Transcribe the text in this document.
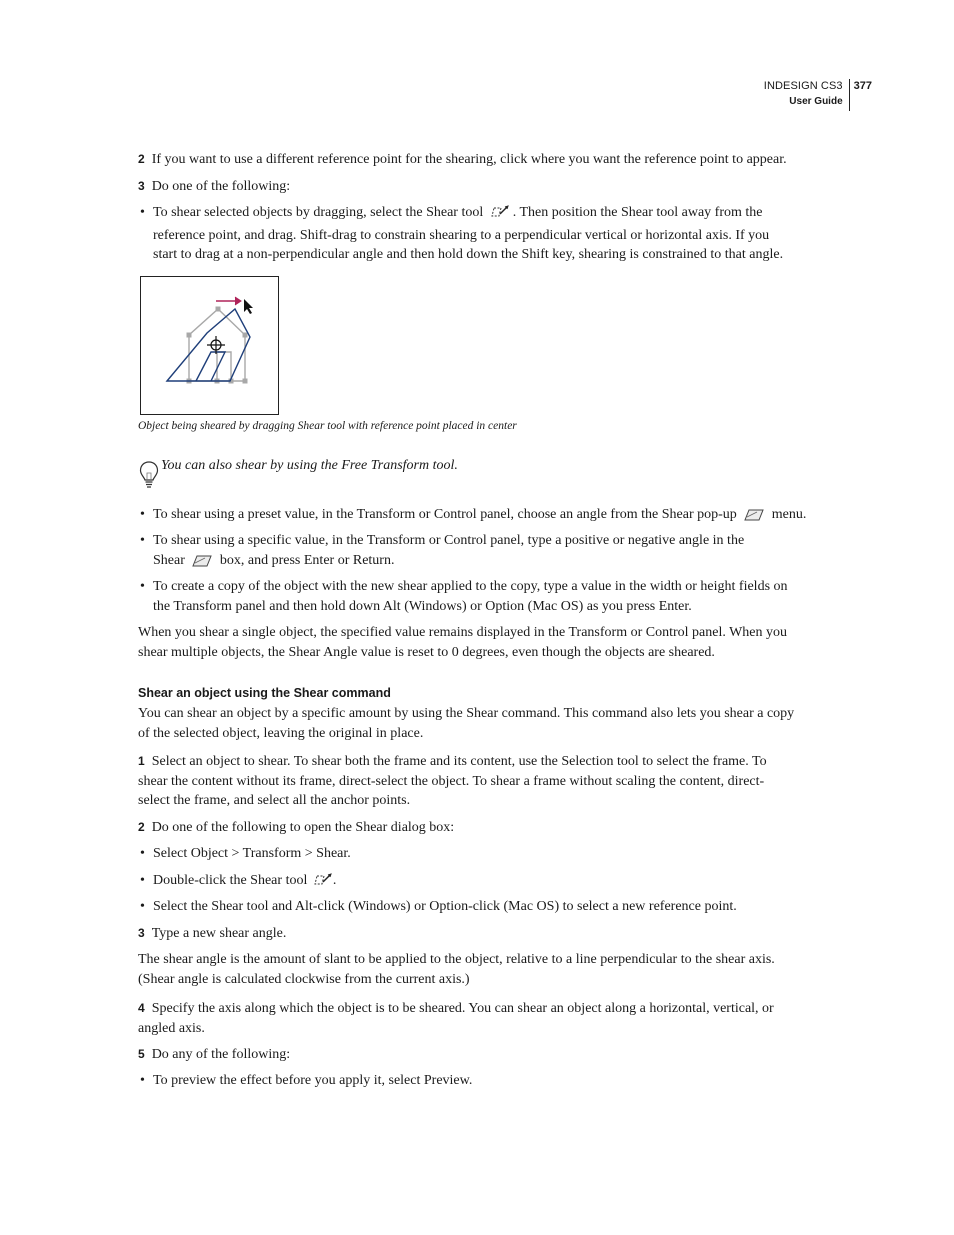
INDESIGN CS3
User Guide
377

2 If you want to use a different reference point for the shearing, click where you want the reference point to appear.

3 Do one of the following:

• To shear selected objects by dragging, select the Shear tool . Then position the Shear tool away from the
reference point, and drag. Shift-drag to constrain shearing to a perpendicular vertical or horizontal axis. If you
start to drag at a non-perpendicular angle and then hold down the Shift key, shearing is constrained to that angle.

Object being sheared by dragging Shear tool with reference point placed in center

You can also shear by using the Free Transform tool.

• To shear using a preset value, in the Transform or Control panel, choose an angle from the Shear pop-up	menu.
• To shear using a specific value, in the Transform or Control panel, type a positive or negative angle in the
Shear	box, and press Enter or Return.
• To create a copy of the object with the new shear applied to the copy, type a value in the width or height fields on
the Transform panel and then hold down Alt (Windows) or Option (Mac OS) as you press Enter.

When you shear a single object, the specified value remains displayed in the Transform or Control panel. When you

shear multiple objects, the Shear Angle value is reset to 0 degrees, even though the objects are sheared.

Shear an object using the Shear command

You can shear an object by a specific amount by using the Shear command. This command also lets you shear a copy

of the selected object, leaving the original in place.

1 Select an object to shear. To shear both the frame and its content, use the Selection tool to select the frame. To

shear the content without its frame, direct-select the object. To shear a frame without scaling the content, direct-

select the frame, and select all the anchor points.

2 Do one of the following to open the Shear dialog box:

• Select Object > Transform > Shear.
• Double-click the Shear tool .
• Select the Shear tool and Alt-click (Windows) or Option-click (Mac OS) to select a new reference point.

3 Type a new shear angle.

The shear angle is the amount of slant to be applied to the object, relative to a line perpendicular to the shear axis.

(Shear angle is calculated clockwise from the current axis.)

4 Specify the axis along which the object is to be sheared. You can shear an object along a horizontal, vertical, or

angled axis.

5 Do any of the following:

• To preview the effect before you apply it, select Preview.
